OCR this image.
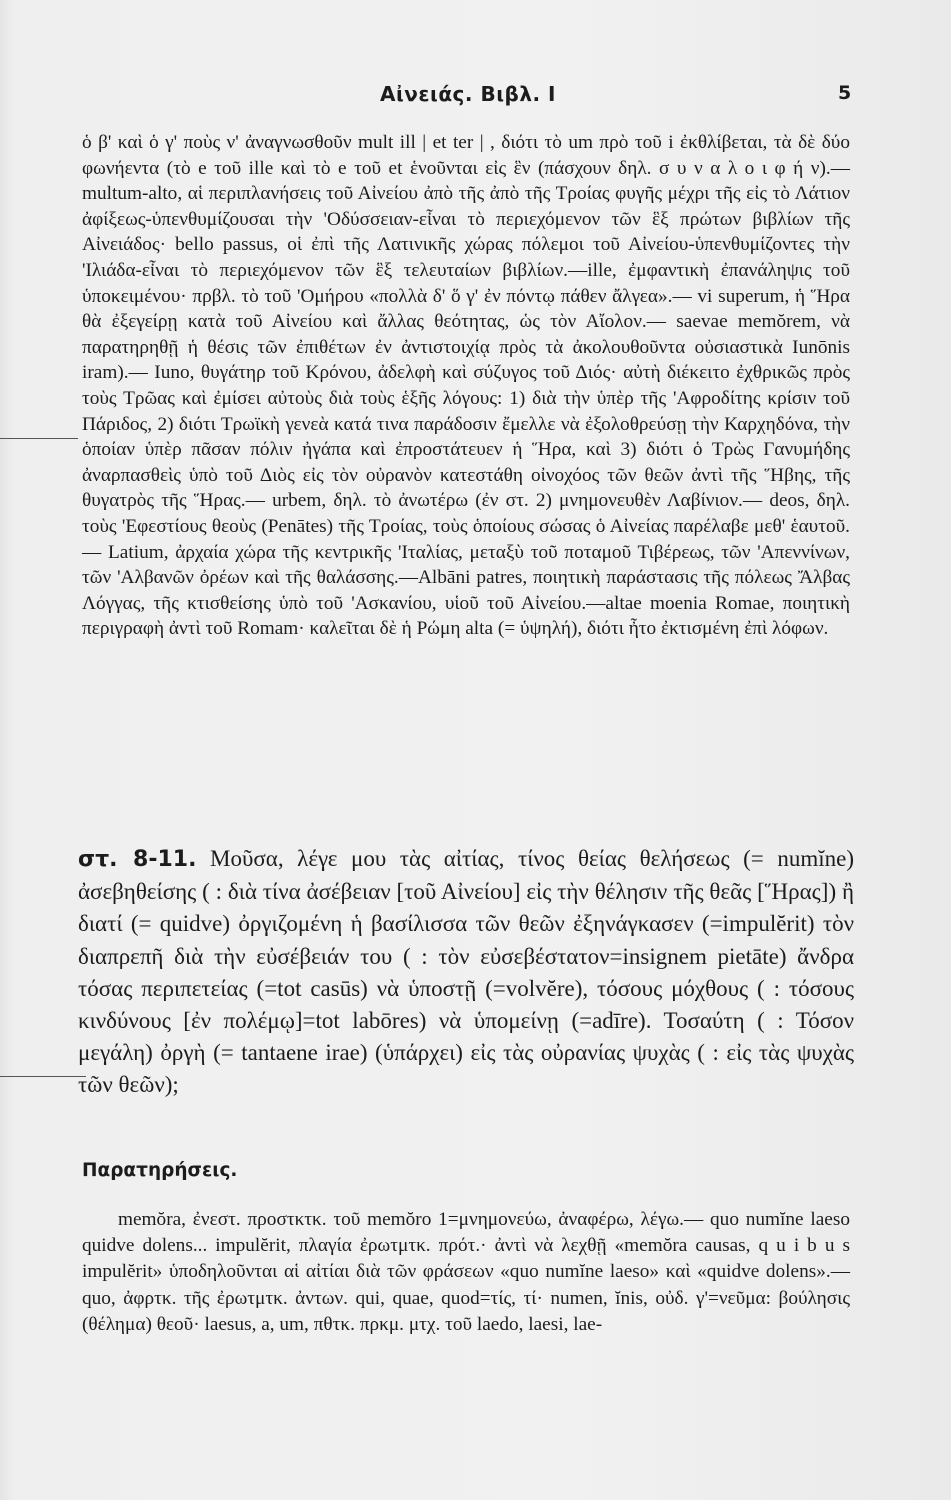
Αἰνειάς. Βιβλ. Ι	5

ὁ β' καὶ ὁ γ' ποὺς ν' ἀναγνωσθοῦν mult ill | et ter | , διότι τὸ um πρὸ τοῦ i ἐκθλίβεται, τὰ δὲ δύο φωνήεντα (τὸ e τοῦ ille καὶ τὸ e τοῦ et ἑνοῦνται εἰς ἓν (πάσχουν δηλ. σ υ ν α λ ο ι φ ή ν).—multum-alto, αἱ περιπλανήσεις τοῦ Αἰνείου ἀπὸ τῆς ἀπὸ τῆς Τροίας φυγῆς μέχρι τῆς εἰς τὸ Λάτιον ἀφίξεως-ὑπενθυμίζουσαι τὴν 'Οδύσσειαν-εἶναι τὸ περιεχόμενον τῶν ἓξ πρώτων βιβλίων τῆς Αἰνειάδος· bello passus, οἱ ἐπὶ τῆς Λατινικῆς χώρας πόλεμοι τοῦ Αἰνείου-ὑπενθυμίζοντες τὴν 'Ιλιάδα-εἶναι τὸ περιεχόμενον τῶν ἓξ τελευταίων βιβλίων.—ille, ἐμφαντικὴ ἐπανάληψις τοῦ ὑποκειμένου· πρβλ. τὸ τοῦ 'Ομήρου «πολλὰ δ' ὅ γ' ἐν πόντῳ πάθεν ἄλγεα».— vi superum, ἡ Ἥρα θὰ ἐξεγείρῃ κατὰ τοῦ Αἰνείου καὶ ἄλλας θεότητας, ὡς τὸν Αἴολον.— saevae memŏrem, νὰ παρατηρηθῇ ἡ θέσις τῶν ἐπιθέτων ἐν ἀντιστοιχίᾳ πρὸς τὰ ἀκολουθοῦντα οὐσιαστικὰ Iunōnis iram).— Iuno, θυγάτηρ τοῦ Κρόνου, ἀδελφὴ καὶ σύζυγος τοῦ Διός· αὐτὴ διέκειτο ἐχθρικῶς πρὸς τοὺς Τρῶας καὶ ἐμίσει αὐτοὺς διὰ τοὺς ἑξῆς λόγους: 1) διὰ τὴν ὑπὲρ τῆς 'Αφροδίτης κρίσιν τοῦ Πάριδος, 2) διότι Τρωϊκὴ γενεὰ κατά τινα παράδοσιν ἔμελλε νὰ ἐξολοθρεύσῃ τὴν Καρχηδόνα, τὴν ὁποίαν ὑπὲρ πᾶσαν πόλιν ἠγάπα καὶ ἐπροστάτευεν ἡ Ἥρα, καὶ 3) διότι ὁ Τρὼς Γανυμήδης ἀναρπασθεὶς ὑπὸ τοῦ Διὸς εἰς τὸν οὐρανὸν κατεστάθη οἰνοχόος τῶν θεῶν ἀντὶ τῆς Ἥβης, τῆς θυγατρὸς τῆς Ἥρας.— urbem, δηλ. τὸ ἀνωτέρω (ἐν στ. 2) μνημονευθὲν Λαβίνιον.— deos, δηλ. τοὺς 'Εφεστίους θεοὺς (Penātes) τῆς Τροίας, τοὺς ὁποίους σώσας ὁ Αἰνείας παρέλαβε μεθ' ἑαυτοῦ.— Latium, ἀρχαία χώρα τῆς κεντρικῆς 'Ιταλίας, μεταξὺ τοῦ ποταμοῦ Τιβέρεως, τῶν 'Απεννίνων, τῶν 'Αλβανῶν ὀρέων καὶ τῆς θαλάσσης.—Albāni patres, ποιητικὴ παράστασις τῆς πόλεως Ἄλβας Λόγγας, τῆς κτισθείσης ὑπὸ τοῦ 'Ασκανίου, υἱοῦ τοῦ Αἰνείου.—altae moenia Romae, ποιητικὴ περιγραφὴ ἀντὶ τοῦ Romam· καλεῖται δὲ ἡ Ρώμη alta (= ὑψηλή), διότι ἦτο ἐκτισμένη ἐπὶ λόφων.

στ. 8-11. Μοῦσα, λέγε μου τὰς αἰτίας, τίνος θείας θελήσεως (= numĭne) ἀσεβηθείσης ( : διὰ τίνα ἀσέβειαν [τοῦ Αἰνείου] εἰς τὴν θέλησιν τῆς θεᾶς [Ἥρας]) ἢ διατί (= quidve) ὀργιζομένη ἡ βασίλισσα τῶν θεῶν ἐξηνάγκασεν (=impulĕrit) τὸν διαπρεπῆ διὰ τὴν εὐσέβειάν του ( : τὸν εὐσεβέστατον=insignem pietāte) ἄνδρα τόσας περιπετείας (=tot casūs) νὰ ὑποστῇ (=volvĕre), τόσους μόχθους ( : τόσους κινδύνους [ἐν πολέμῳ]=tot labōres) νὰ ὑπομείνῃ (=adīre). Τοσαύτη ( : Τόσον μεγάλη) ὀργὴ (= tantaene irae) (ὑπάρχει) εἰς τὰς οὐρανίας ψυχὰς ( : εἰς τὰς ψυχὰς τῶν θεῶν);

Παρατηρήσεις.

memŏra, ἐνεστ. προστκτκ. τοῦ memŏro 1=μνημονεύω, ἀναφέρω, λέγω.— quo numĭne laeso quidve dolens... impulĕrit, πλαγία ἐρωτμτκ. πρότ.· ἀντὶ νὰ λεχθῇ «memŏra causas, q u i b u s impulĕrit» ὑποδηλοῦνται αἱ αἰτίαι διὰ τῶν φράσεων «quo numĭne laeso» καὶ «quidve dolens».— quo, ἀφρτκ. τῆς ἐρωτμτκ. ἀντων. qui, quae, quod=τίς, τί· numen, ĭnis, οὐδ. γ'=νεῦμα: βούλησις (θέλημα) θεοῦ· laesus, a, um, πθτκ. πρκμ. μτχ. τοῦ laedo, laesi, lae-
